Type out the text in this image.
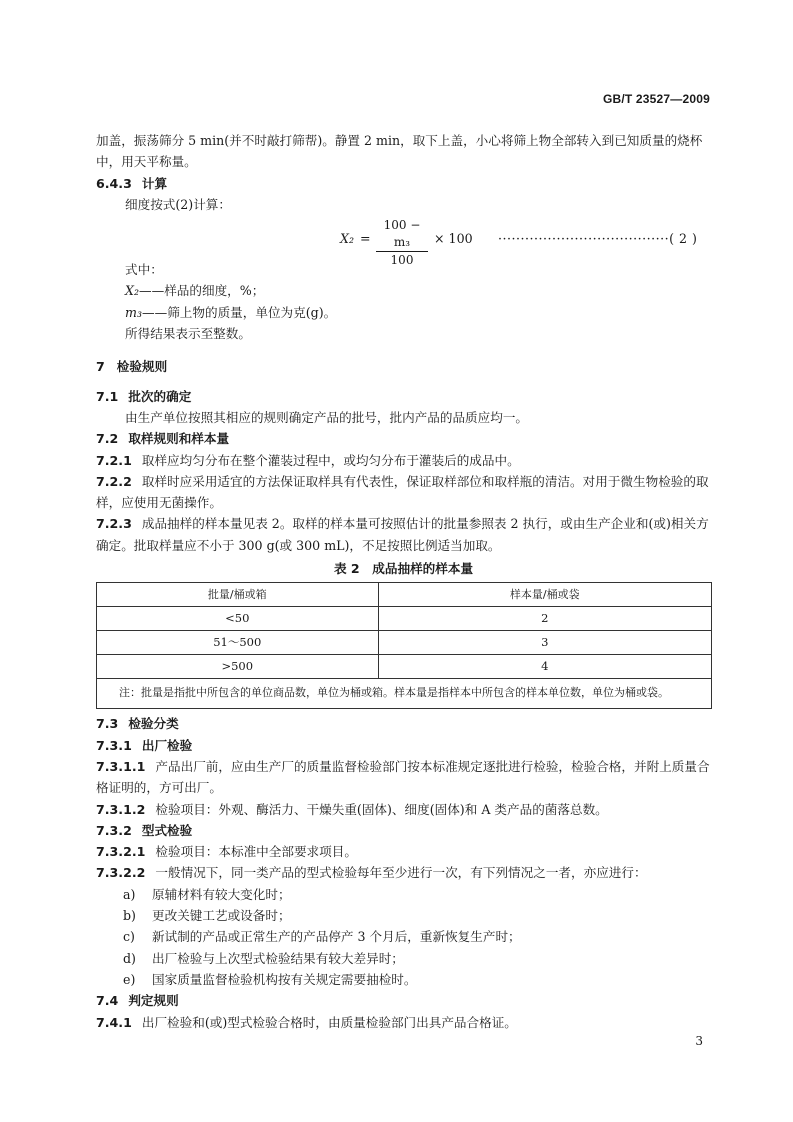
GB/T 23527—2009

加盖，振荡筛分 5 min(并不时敲打筛帮)。静置 2 min，取下上盖，小心将筛上物全部转入到已知质量的烧杯中，用天平称量。

6.4.3 计算

细度按式(2)计算：

$X_2 = \frac{\text{100 − m₃}}{100} \times 100$ ······································( 2 )

式中：

X₂——样品的细度，%；

m₃——筛上物的质量，单位为克(g)。

所得结果表示至整数。

7 检验规则

7.1 批次的确定

由生产单位按照其相应的规则确定产品的批号，批内产品的品质应均一。

7.2 取样规则和样本量

7.2.1 取样应均匀分布在整个灌装过程中，或均匀分布于灌装后的成品中。

7.2.2 取样时应采用适宜的方法保证取样具有代表性，保证取样部位和取样瓶的清洁。对用于微生物检验的取样，应使用无菌操作。

7.2.3 成品抽样的样本量见表 2。取样的样本量可按照估计的批量参照表 2 执行，或由生产企业和(或)相关方确定。批取样量应不小于 300 g(或 300 mL)，不足按照比例适当加取。

表 2　成品抽样的样本量

批量/桶或箱	样本量/桶或袋
<50	2
51～500	3
>500	4
注：批量是指批中所包含的单位商品数，单位为桶或箱。样本量是指样本中所包含的样本单位数，单位为桶或袋。	

7.3 检验分类

7.3.1 出厂检验

7.3.1.1 产品出厂前，应由生产厂的质量监督检验部门按本标准规定逐批进行检验，检验合格，并附上质量合格证明的，方可出厂。

7.3.1.2 检验项目：外观、酶活力、干燥失重(固体)、细度(固体)和 A 类产品的菌落总数。

7.3.2 型式检验

7.3.2.1 检验项目：本标准中全部要求项目。

7.3.2.2 一般情况下，同一类产品的型式检验每年至少进行一次，有下列情况之一者，亦应进行：

a) 原辅材料有较大变化时；

b) 更改关键工艺或设备时；

c) 新试制的产品或正常生产的产品停产 3 个月后，重新恢复生产时；

d) 出厂检验与上次型式检验结果有较大差异时；

e) 国家质量监督检验机构按有关规定需要抽检时。

7.4 判定规则

7.4.1 出厂检验和(或)型式检验合格时，由质量检验部门出具产品合格证。

3
